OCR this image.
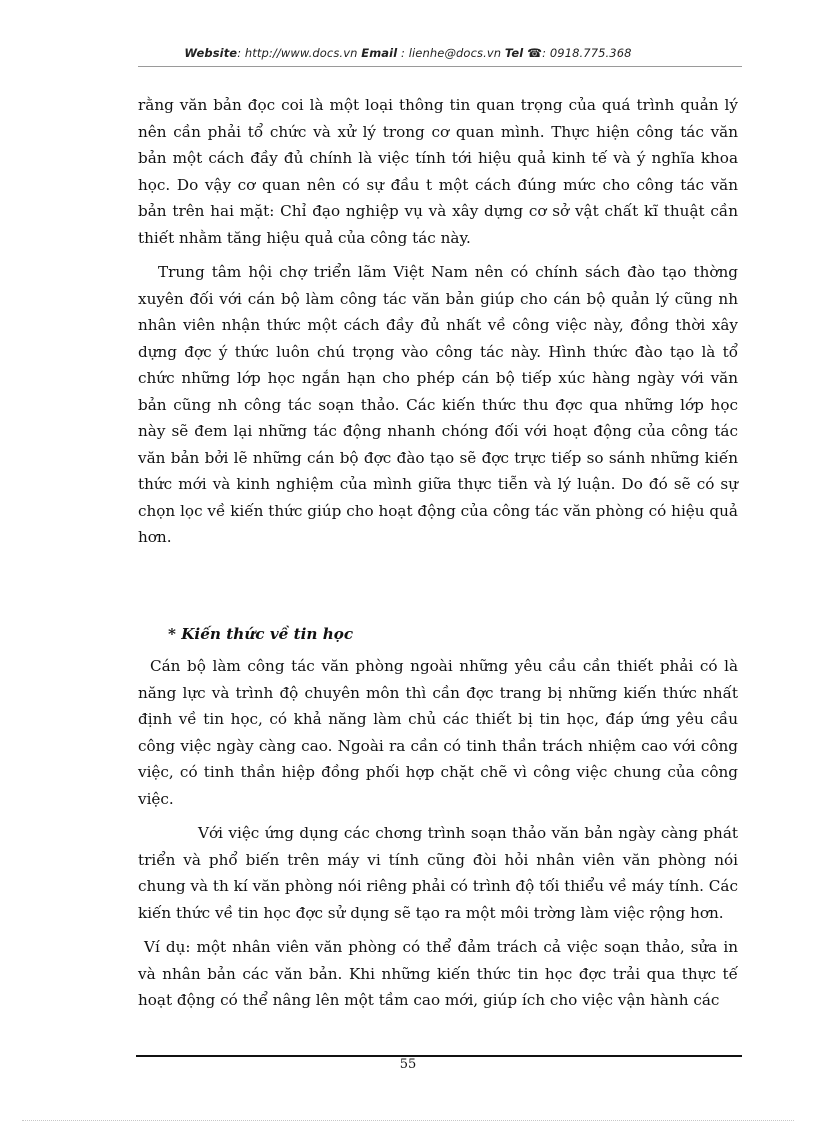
Website: http://www.docs.vn Email : lienhe@docs.vn Tel ☎: 0918.775.368

rằng văn bản đọc coi là một loại thông tin quan trọng của quá trình quản lý nên cần phải tổ chức và xử lý trong cơ quan mình. Thực hiện công tác văn bản một cách đầy đủ chính là việc tính tới hiệu quả kinh tế và ý nghĩa khoa học. Do vậy cơ quan nên có sự đầu t một cách đúng mức cho công tác văn bản trên hai mặt: Chỉ đạo nghiệp vụ và xây dựng cơ sở vật chất kĩ thuật cần thiết nhằm tăng hiệu quả của công tác này.

Trung tâm hội chợ triển lãm Việt Nam nên có chính sách đào tạo thờng xuyên đối với cán bộ làm công tác văn bản giúp cho cán bộ quản lý cũng nh nhân viên nhận thức một cách đầy đủ nhất về công việc này, đồng thời xây dựng đợc ý thức luôn chú trọng vào công tác này. Hình thức đào tạo là tổ chức những lớp học ngắn hạn cho phép cán bộ tiếp xúc hàng ngày với văn bản cũng nh công tác soạn thảo. Các kiến thức thu đợc qua những lớp học này sẽ đem lại những tác động nhanh chóng đối với hoạt động của công tác văn bản bởi lẽ những cán bộ đợc đào tạo sẽ đợc trực tiếp so sánh những kiến thức mới và kinh nghiệm của mình giữa thực tiễn và lý luận. Do đó sẽ có sự chọn lọc về kiến thức giúp cho hoạt động của công tác văn phòng có hiệu quả hơn.

* Kiến thức về tin học

Cán bộ làm công tác văn phòng ngoài những yêu cầu cần thiết phải có là năng lực và trình độ chuyên môn thì cần đợc trang bị những kiến thức nhất định về tin học, có khả năng làm chủ các thiết bị tin học, đáp ứng yêu cầu công việc ngày càng cao. Ngoài ra cần có tinh thần trách nhiệm cao với công việc, có tinh thần hiệp đồng phối hợp chặt chẽ vì công việc chung của công việc.

Với việc ứng dụng các chơng trình soạn thảo văn bản ngày càng phát triển và phổ biến trên máy vi tính cũng đòi hỏi nhân viên văn phòng nói chung và th kí văn phòng nói riêng phải có trình độ tối thiểu về máy tính. Các kiến thức về tin học đợc sử dụng sẽ tạo ra một môi trờng làm việc rộng hơn.

Ví dụ: một nhân viên văn phòng có thể đảm trách cả việc soạn thảo, sửa in và nhân bản các văn bản. Khi những kiến thức tin học đợc trải qua thực tế hoạt động có thể nâng lên một tầm cao mới, giúp ích cho việc vận hành các

55
